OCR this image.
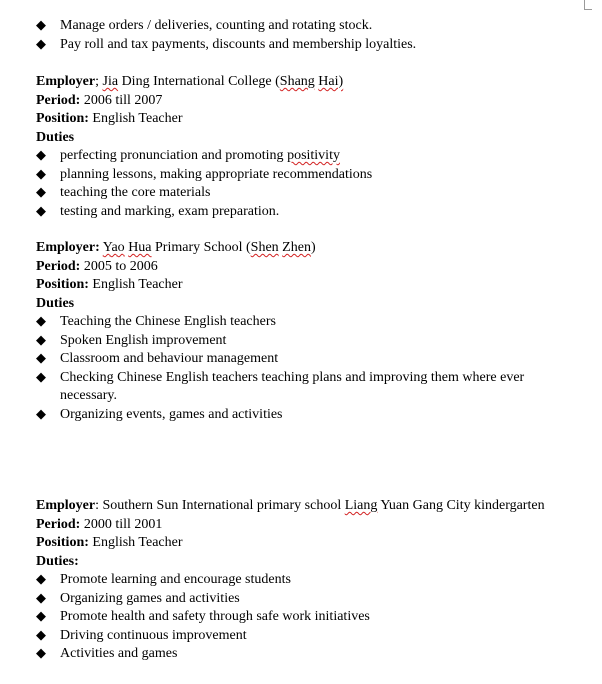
◆ Manage orders / deliveries, counting and rotating stock.
◆ Pay roll and tax payments, discounts and membership loyalties.
Employer; Jia Ding International College (Shang Hai)
Period: 2006 till 2007
Position: English Teacher
Duties
◆ perfecting pronunciation and promoting positivity
◆ planning lessons, making appropriate recommendations
◆ teaching the core materials
◆ testing and marking, exam preparation.
Employer: Yao Hua Primary School (Shen Zhen)
Period: 2005 to 2006
Position: English Teacher
Duties
◆ Teaching the Chinese English teachers
◆ Spoken English improvement
◆ Classroom and behaviour management
◆ Checking Chinese English teachers teaching plans and improving them where ever necessary.
◆ Organizing events, games and activities
Employer: Southern Sun International primary school Liang Yuan Gang City kindergarten
Period: 2000 till 2001
Position: English Teacher
Duties:
◆ Promote learning and encourage students
◆ Organizing games and activities
◆ Promote health and safety through safe work initiatives
◆ Driving continuous improvement
◆ Activities and games
